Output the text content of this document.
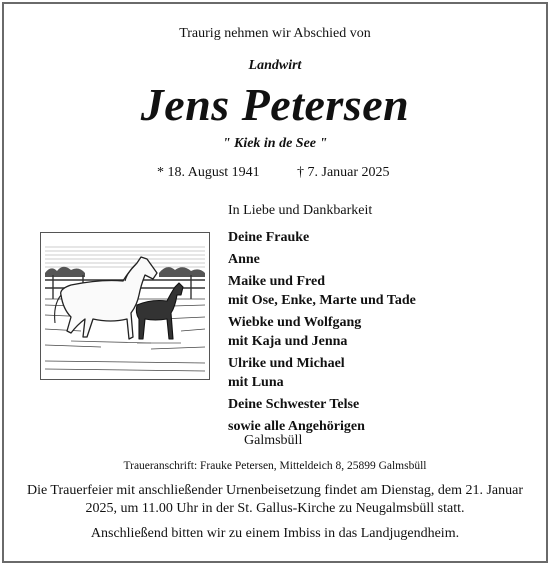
Traurig nehmen wir Abschied von
Landwirt
Jens Petersen
" Kiek in de See "
* 18. August 1941	† 7. Januar 2025
In Liebe und Dankbarkeit
Deine Frauke
Anne
Maike und Fred
mit Ose, Enke, Marte und Tade
Wiebke und Wolfgang
mit Kaja und Jenna
Ulrike und Michael
mit Luna
Deine Schwester Telse
sowie alle Angehörigen
Galmsbüll
Traueranschrift: Frauke Petersen, Mitteldeich 8, 25899 Galmsbüll
Die Trauerfeier mit anschließender Urnenbeisetzung findet am Dienstag, dem 21. Januar 2025, um 11.00 Uhr in der St. Gallus-Kirche zu Neugalmsbüll statt.
Anschließend bitten wir zu einem Imbiss in das Landjugendheim.
